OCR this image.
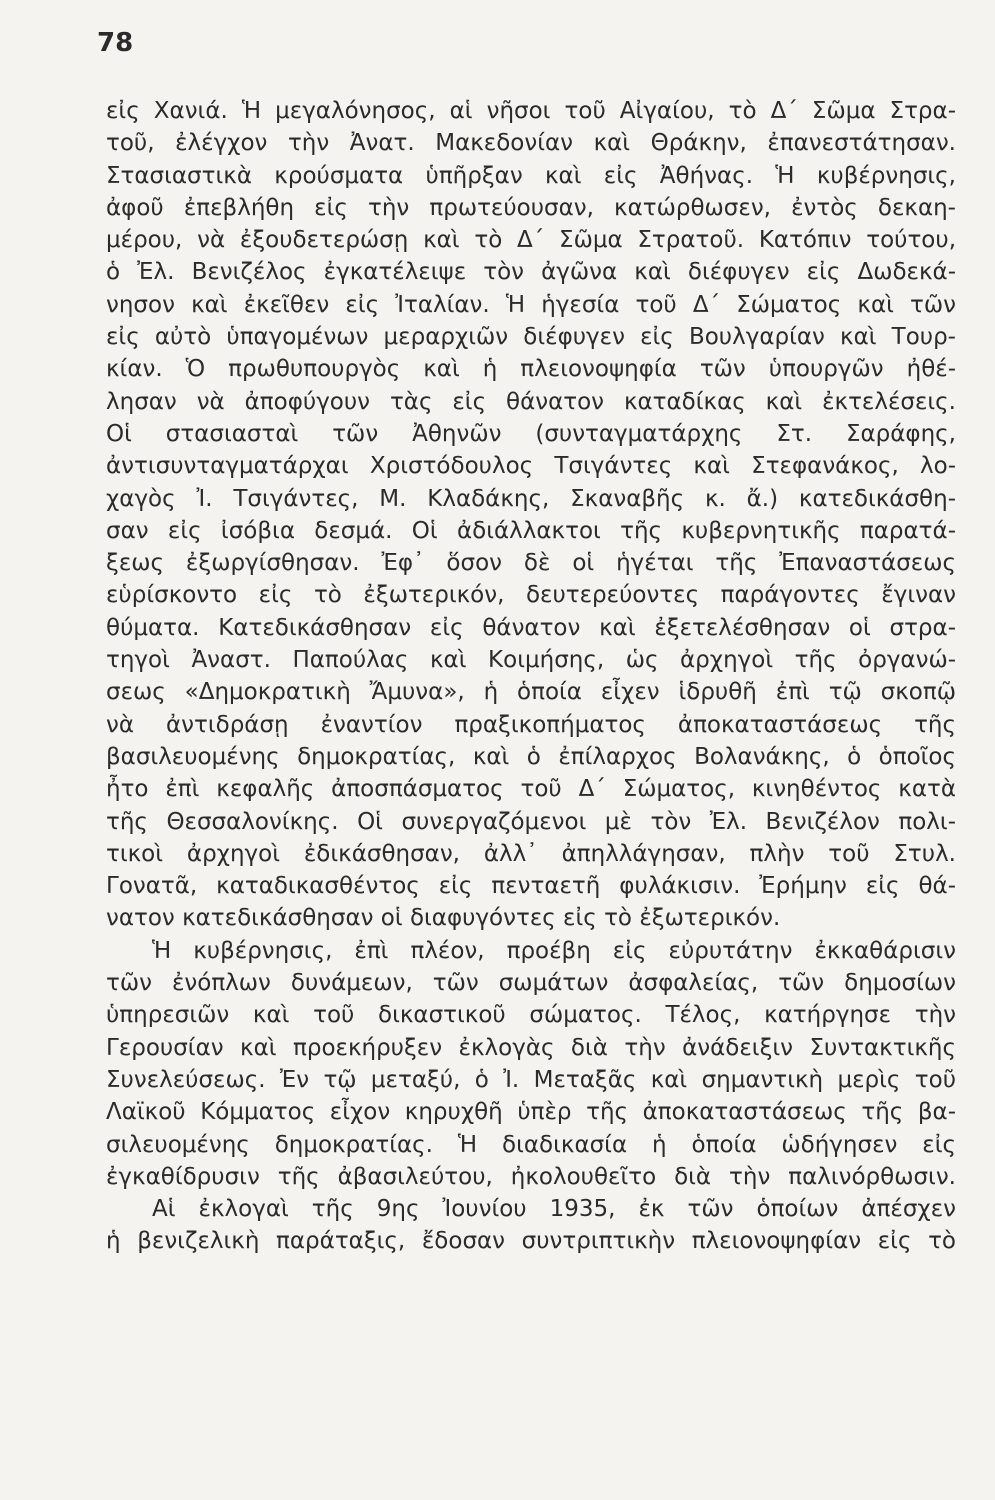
78
εἰς Χανιά. Ἡ μεγαλόνησος, αἱ νῆσοι τοῦ Αἰγαίου, τὸ Δ΄ Σῶμα Στρα-
τοῦ, ἐλέγχον τὴν Ἀνατ. Μακεδονίαν καὶ Θράκην, ἐπανεστάτησαν.
Στασιαστικὰ κρούσματα ὑπῆρξαν καὶ εἰς Ἀθήνας. Ἡ κυβέρνησις,
ἀφοῦ ἐπεβλήθη εἰς τὴν πρωτεύουσαν, κατώρθωσεν, ἐντὸς δεκαη-
μέρου, νὰ ἐξουδετερώσῃ καὶ τὸ Δ΄ Σῶμα Στρατοῦ. Κατόπιν τούτου,
ὁ Ἐλ. Βενιζέλος ἐγκατέλειψε τὸν ἀγῶνα καὶ διέφυγεν εἰς Δωδεκά-
νησον καὶ ἐκεῖθεν εἰς Ἰταλίαν. Ἡ ἡγεσία τοῦ Δ΄ Σώματος καὶ τῶν
εἰς αὐτὸ ὑπαγομένων μεραρχιῶν διέφυγεν εἰς Βουλγαρίαν καὶ Τουρ-
κίαν. Ὁ πρωθυπουργὸς καὶ ἡ πλειονοψηφία τῶν ὑπουργῶν ἠθέ-
λησαν νὰ ἀποφύγουν τὰς εἰς θάνατον καταδίκας καὶ ἐκτελέσεις.
Οἱ στασιασταὶ τῶν Ἀθηνῶν (συνταγματάρχης Στ. Σαράφης,
ἀντισυνταγματάρχαι Χριστόδουλος Τσιγάντες καὶ Στεφανάκος, λο-
χαγὸς Ἰ. Τσιγάντες, Μ. Κλαδάκης, Σκαναβῆς κ. ἄ.) κατεδικάσθη-
σαν εἰς ἰσόβια δεσμά. Οἱ ἀδιάλλακτοι τῆς κυβερνητικῆς παρατά-
ξεως ἐξωργίσθησαν. Ἐφ᾽ ὅσον δὲ οἱ ἡγέται τῆς Ἐπαναστάσεως
εὑρίσκοντο εἰς τὸ ἐξωτερικόν, δευτερεύοντες παράγοντες ἔγιναν
θύματα. Κατεδικάσθησαν εἰς θάνατον καὶ ἐξετελέσθησαν οἱ στρα-
τηγοὶ Ἀναστ. Παπούλας καὶ Κοιμήσης, ὡς ἀρχηγοὶ τῆς ὀργανώ-
σεως «Δημοκρατικὴ Ἄμυνα», ἡ ὁποία εἶχεν ἱδρυθῆ ἐπὶ τῷ σκοπῷ
νὰ ἀντιδράσῃ ἐναντίον πραξικοπήματος ἀποκαταστάσεως τῆς
βασιλευομένης δημοκρατίας, καὶ ὁ ἐπίλαρχος Βολανάκης, ὁ ὁποῖος
ἦτο ἐπὶ κεφαλῆς ἀποσπάσματος τοῦ Δ΄ Σώματος, κινηθέντος κατὰ
τῆς Θεσσαλονίκης. Οἱ συνεργαζόμενοι μὲ τὸν Ἐλ. Βενιζέλον πολι-
τικοὶ ἀρχηγοὶ ἐδικάσθησαν, ἀλλ᾽ ἀπηλλάγησαν, πλὴν τοῦ Στυλ.
Γονατᾶ, καταδικασθέντος εἰς πενταετῆ φυλάκισιν. Ἐρήμην εἰς θά-
νατον κατεδικάσθησαν οἱ διαφυγόντες εἰς τὸ ἐξωτερικόν.
Ἡ κυβέρνησις, ἐπὶ πλέον, προέβη εἰς εὐρυτάτην ἐκκαθάρισιν
τῶν ἐνόπλων δυνάμεων, τῶν σωμάτων ἀσφαλείας, τῶν δημοσίων
ὑπηρεσιῶν καὶ τοῦ δικαστικοῦ σώματος. Τέλος, κατήργησε τὴν
Γερουσίαν καὶ προεκήρυξεν ἐκλογὰς διὰ τὴν ἀνάδειξιν Συντακτικῆς
Συνελεύσεως. Ἐν τῷ μεταξύ, ὁ Ἰ. Μεταξᾶς καὶ σημαντικὴ μερὶς τοῦ
Λαϊκοῦ Κόμματος εἶχον κηρυχθῆ ὑπὲρ τῆς ἀποκαταστάσεως τῆς βα-
σιλευομένης δημοκρατίας. Ἡ διαδικασία ἡ ὁποία ὡδήγησεν εἰς
ἐγκαθίδρυσιν τῆς ἀβασιλεύτου, ἠκολουθεῖτο διὰ τὴν παλινόρθωσιν.
Αἱ ἐκλογαὶ τῆς 9ης Ἰουνίου 1935, ἐκ τῶν ὁποίων ἀπέσχεν
ἡ βενιζελικὴ παράταξις, ἔδοσαν συντριπτικὴν πλειονοψηφίαν εἰς τὸ
